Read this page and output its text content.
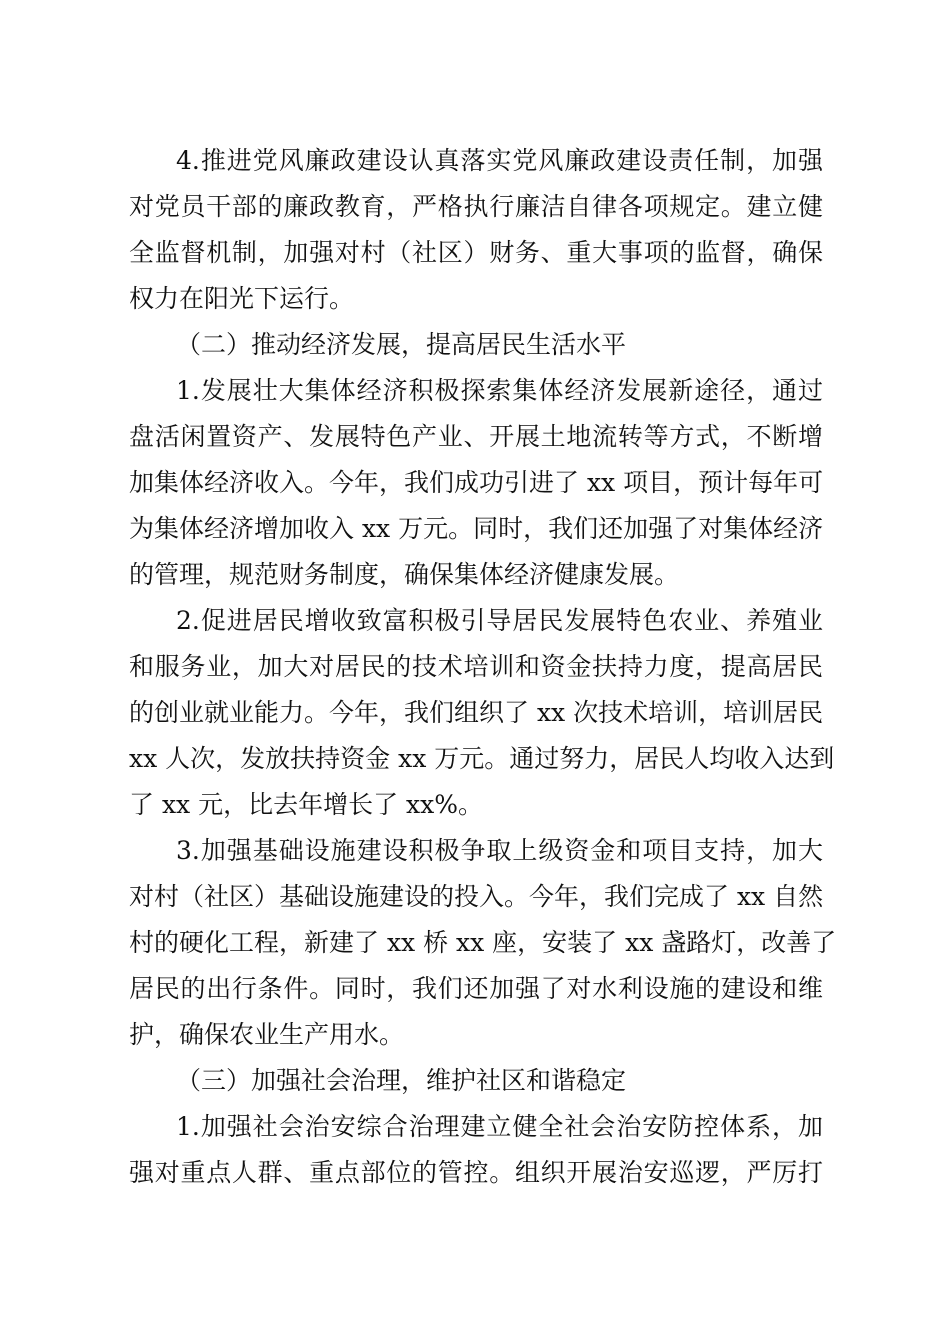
4.推进党风廉政建设认真落实党风廉政建设责任制，加强
对党员干部的廉政教育，严格执行廉洁自律各项规定。建立健
全监督机制，加强对村（社区）财务、重大事项的监督，确保
权力在阳光下运行。
（二）推动经济发展，提高居民生活水平
1.发展壮大集体经济积极探索集体经济发展新途径，通过
盘活闲置资产、发展特色产业、开展土地流转等方式，不断增
加集体经济收入。今年，我们成功引进了 xx 项目，预计每年可
为集体经济增加收入 xx 万元。同时，我们还加强了对集体经济
的管理，规范财务制度，确保集体经济健康发展。
2.促进居民增收致富积极引导居民发展特色农业、养殖业
和服务业，加大对居民的技术培训和资金扶持力度，提高居民
的创业就业能力。今年，我们组织了 xx 次技术培训，培训居民
xx 人次，发放扶持资金 xx 万元。通过努力，居民人均收入达到
了 xx 元，比去年增长了 xx%。
3.加强基础设施建设积极争取上级资金和项目支持，加大
对村（社区）基础设施建设的投入。今年，我们完成了 xx 自然
村的硬化工程，新建了 xx 桥 xx 座，安装了 xx 盏路灯，改善了
居民的出行条件。同时，我们还加强了对水利设施的建设和维
护，确保农业生产用水。
（三）加强社会治理，维护社区和谐稳定
1.加强社会治安综合治理建立健全社会治安防控体系，加
强对重点人群、重点部位的管控。组织开展治安巡逻，严厉打
